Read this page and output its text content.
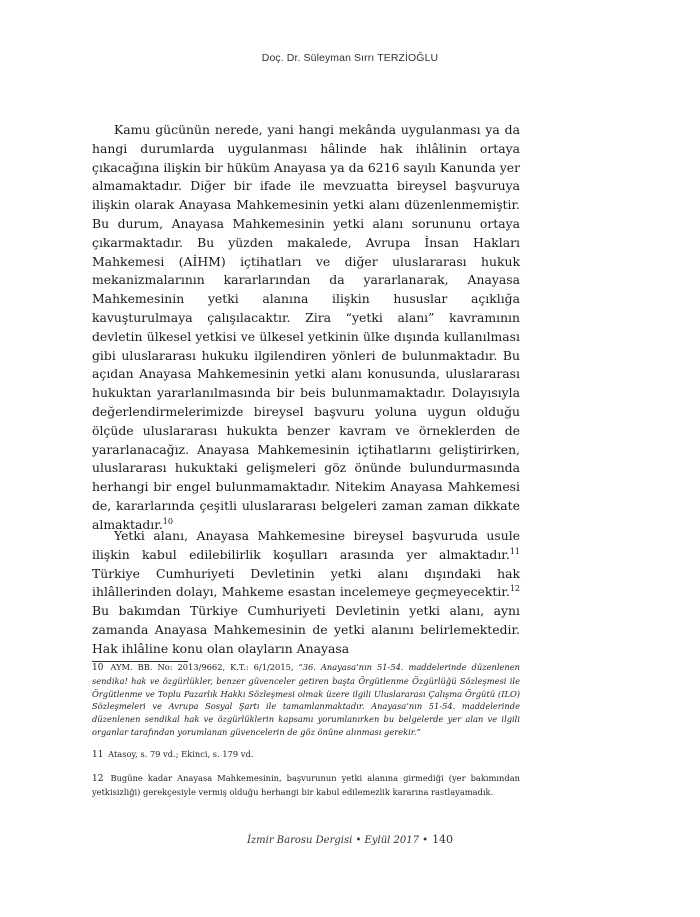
Doç. Dr. Süleyman Sırrı TERZİOĞLU

Kamu gücünün nerede, yani hangi mekânda uygulanması ya da hangi durumlarda uygulanması hâlinde hak ihlâlinin ortaya çıkacağına ilişkin bir hüküm Anayasa ya da 6216 sayılı Kanunda yer almamaktadır. Diğer bir ifade ile mevzuatta bireysel başvuruya ilişkin olarak Anayasa Mahkemesinin yetki alanı düzenlenmemiştir. Bu durum, Anayasa Mahkemesinin yetki alanı sorununu ortaya çıkarmaktadır. Bu yüzden makalede, Avrupa İnsan Hakları Mahkemesi (AİHM) içtihatları ve diğer uluslararası hukuk mekanizmalarının kararlarından da yararlanarak, Anayasa Mahkemesinin yetki alanına ilişkin hususlar açıklığa kavuşturulmaya çalışılacaktır. Zira “yetki alanı” kavramının devletin ülkesel yetkisi ve ülkesel yetkinin ülke dışında kullanılması gibi uluslararası hukuku ilgilendiren yönleri de bulunmaktadır. Bu açıdan Anayasa Mahkemesinin yetki alanı konusunda, uluslararası hukuktan yararlanılmasında bir beis bulunmamaktadır. Dolayısıyla değerlendirmelerimizde bireysel başvuru yoluna uygun olduğu ölçüde uluslararası hukukta benzer kavram ve örneklerden de yararlanacağız. Anayasa Mahkemesinin içtihatlarını geliştirirken, uluslararası hukuktaki gelişmeleri göz önünde bulundurmasında herhangi bir engel bulunmamaktadır. Nitekim Anayasa Mahkemesi de, kararlarında çeşitli uluslararası belgeleri zaman zaman dikkate almaktadır.$^{10}$

Yetki alanı, Anayasa Mahkemesine bireysel başvuruda usule ilişkin kabul edilebilirlik koşulları arasında yer almaktadır.$^{11}$ Türkiye Cumhuriyeti Devletinin yetki alanı dışındaki hak ihlâllerinden dolayı, Mahkeme esastan incelemeye geçmeyecektir.$^{12}$ Bu bakımdan Türkiye Cumhuriyeti Devletinin yetki alanı, aynı zamanda Anayasa Mahkemesinin de yetki alanını belirlemektedir. Hak ihlâline konu olan olayların Anayasa

10 AYM. BB. No: 2013/9662, K.T.: 6/1/2015, “36. Anayasa’nın 51-54. maddelerinde düzenlenen sendika! hak ve özgürlükler, benzer güvenceler getiren başta Örgütlenme Özgürlüğü Sözleşmesi ile Örgütlenme ve Toplu Pazarlık Hakkı Sözleşmesi olmak üzere ilgili Uluslararası Çalışma Örgütü (ILO) Sözleşmeleri ve Avrupa Sosyal Şartı ile tamamlanmaktadır. Anayasa’nın 51-54. maddelerinde düzenlenen sendikal hak ve özgürlüklerin kapsamı yorumlanırken bu belgelerde yer alan ve ilgili organlar tarafından yorumlanan güvencelerin de göz önüne alınması gerekir.”

11 Atasoy, s. 79 vd.; Ekinci, s. 179 vd.

12 Bugüne kadar Anayasa Mahkemesinin, başvurunun yetki alanına girmediği (yer bakımından yetkisizliği) gerekçesiyle vermiş olduğu herhangi bir kabul edilemezlik kararına rastlayamadık.

İzmir Barosu Dergisi • Eylül 2017 • 140
